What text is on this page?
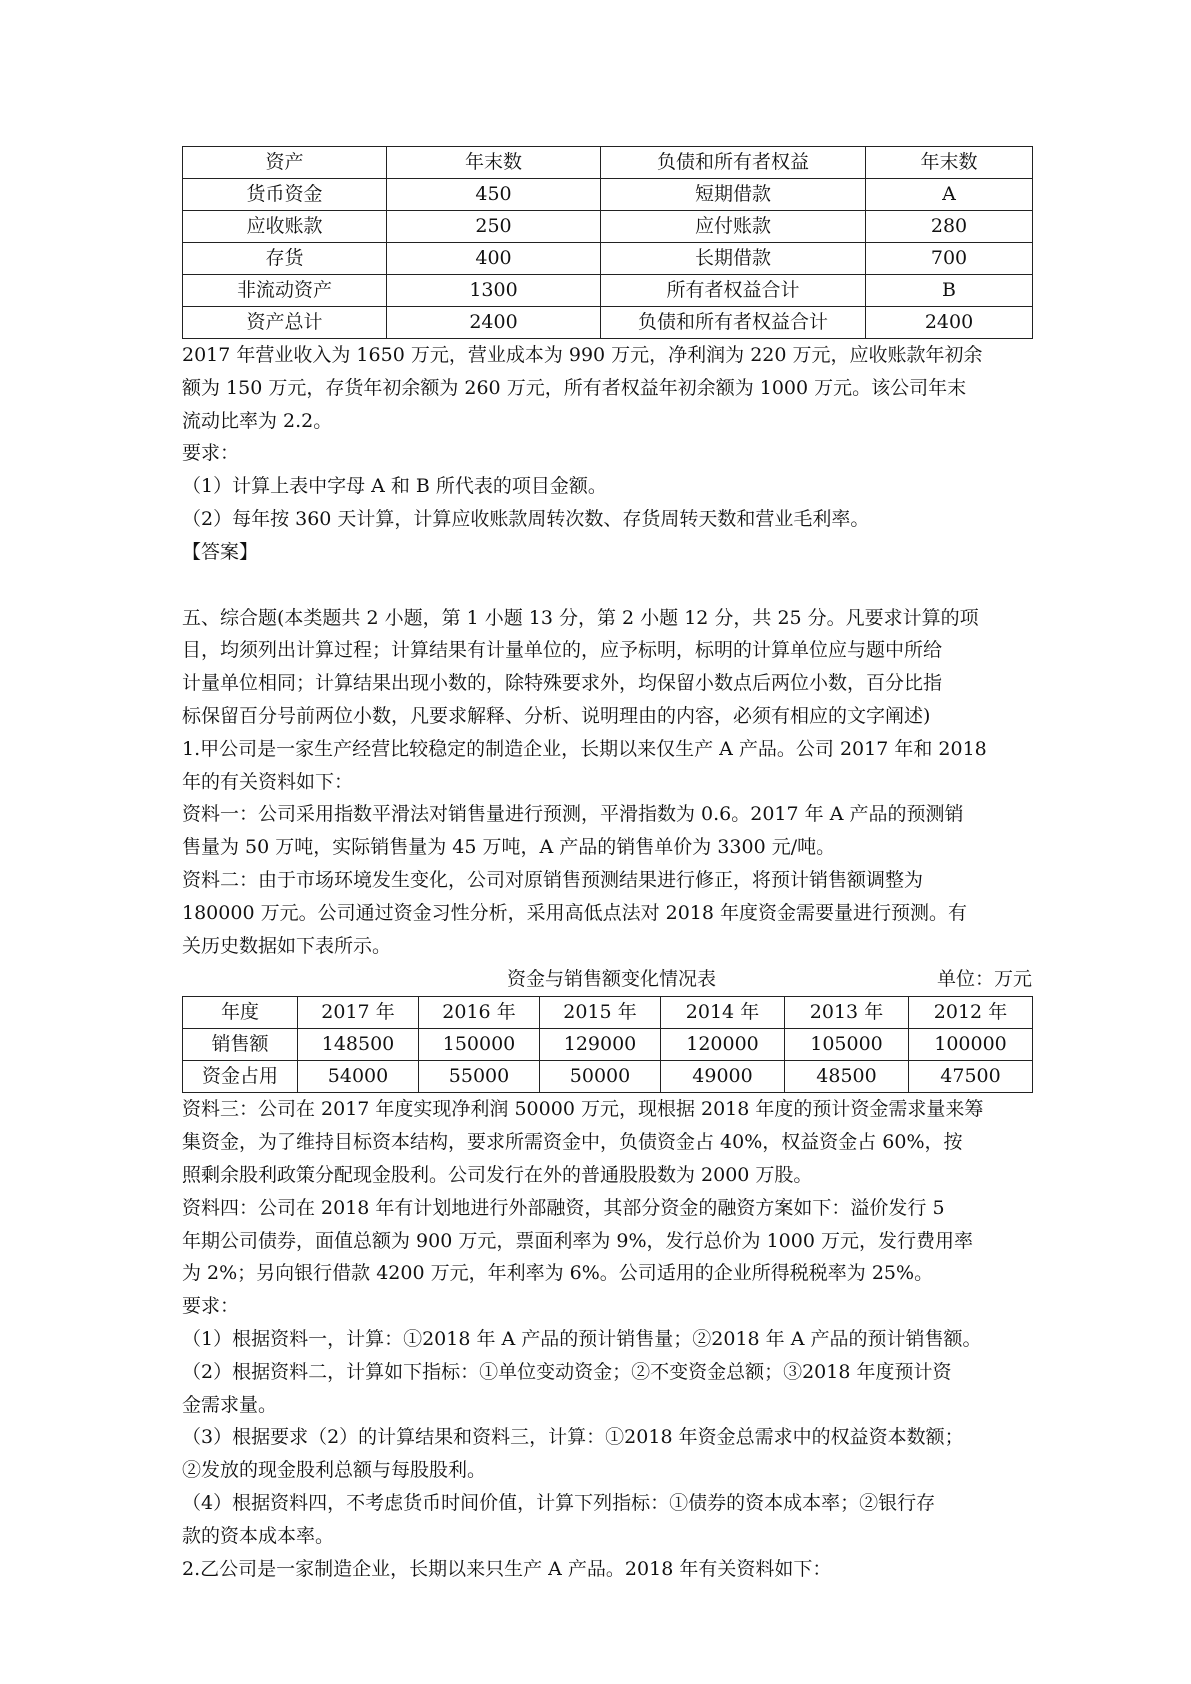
资产	年末数	负债和所有者权益	年末数
货币资金	450	短期借款	A
应收账款	250	应付账款	280
存货	400	长期借款	700
非流动资产	1300	所有者权益合计	B
资产总计	2400	负债和所有者权益合计	2400

2017 年营业收入为 1650 万元，营业成本为 990 万元，净利润为 220 万元，应收账款年初余

额为 150 万元，存货年初余额为 260 万元，所有者权益年初余额为 1000 万元。该公司年末

流动比率为 2.2。

要求：

（1）计算上表中字母 A 和 B 所代表的项目金额。

（2）每年按 360 天计算，计算应收账款周转次数、存货周转天数和营业毛利率。

【答案】

五、综合题(本类题共 2 小题，第 1 小题 13 分，第 2 小题 12 分，共 25 分。凡要求计算的项

目，均须列出计算过程；计算结果有计量单位的，应予标明，标明的计算单位应与题中所给

计量单位相同；计算结果出现小数的，除特殊要求外，均保留小数点后两位小数，百分比指

标保留百分号前两位小数，凡要求解释、分析、说明理由的内容，必须有相应的文字阐述)

1.甲公司是一家生产经营比较稳定的制造企业，长期以来仅生产 A 产品。公司 2017 年和 2018

年的有关资料如下：

资料一：公司采用指数平滑法对销售量进行预测，平滑指数为 0.6。2017 年 A 产品的预测销

售量为 50 万吨，实际销售量为 45 万吨，A 产品的销售单价为 3300 元/吨。

资料二：由于市场环境发生变化，公司对原销售预测结果进行修正，将预计销售额调整为

180000 万元。公司通过资金习性分析，采用高低点法对 2018 年度资金需要量进行预测。有

关历史数据如下表所示。

资金与销售额变化情况表	单位：万元
年度	2017 年	2016 年	2015 年	2014 年	2013 年	2012 年
销售额	148500	150000	129000	120000	105000	100000
资金占用	54000	55000	50000	49000	48500	47500

资料三：公司在 2017 年度实现净利润 50000 万元，现根据 2018 年度的预计资金需求量来筹

集资金，为了维持目标资本结构，要求所需资金中，负债资金占 40%，权益资金占 60%，按

照剩余股利政策分配现金股利。公司发行在外的普通股股数为 2000 万股。

资料四：公司在 2018 年有计划地进行外部融资，其部分资金的融资方案如下：溢价发行 5

年期公司债券，面值总额为 900 万元，票面利率为 9%，发行总价为 1000 万元，发行费用率

为 2%；另向银行借款 4200 万元，年利率为 6%。公司适用的企业所得税税率为 25%。

要求：

（1）根据资料一，计算：①2018 年 A 产品的预计销售量；②2018 年 A 产品的预计销售额。

（2）根据资料二，计算如下指标：①单位变动资金；②不变资金总额；③2018 年度预计资

金需求量。

（3）根据要求（2）的计算结果和资料三，计算：①2018 年资金总需求中的权益资本数额；

②发放的现金股利总额与每股股利。

（4）根据资料四，不考虑货币时间价值，计算下列指标：①债券的资本成本率；②银行存

款的资本成本率。

2.乙公司是一家制造企业，长期以来只生产 A 产品。2018 年有关资料如下：
